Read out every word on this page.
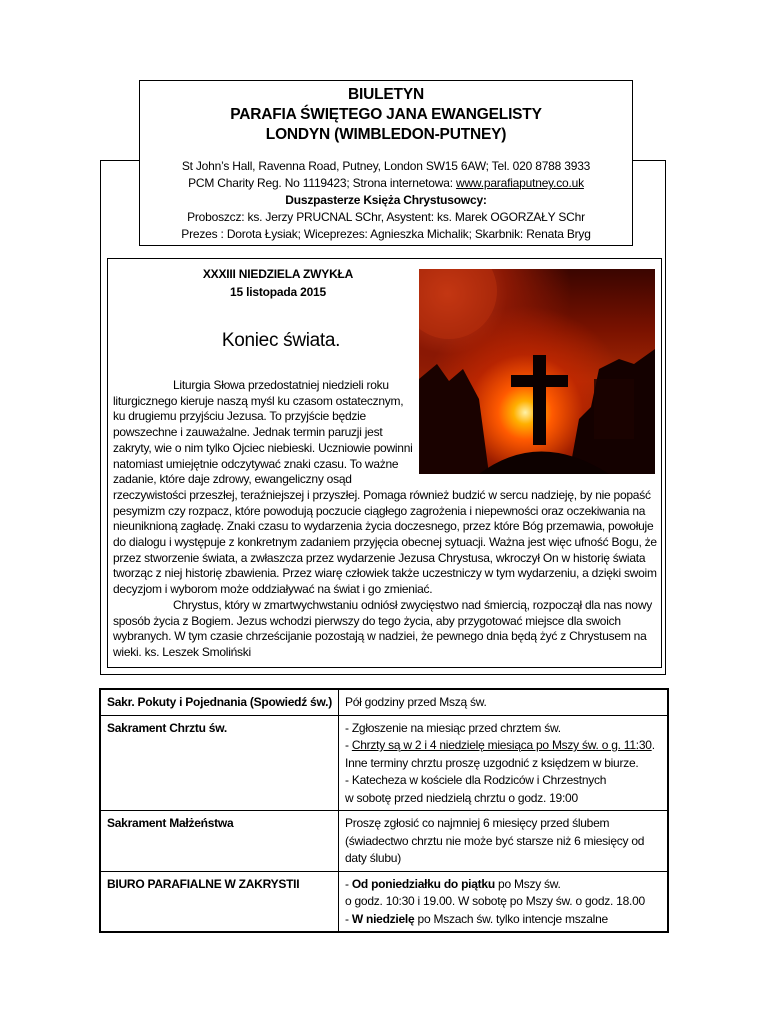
BIULETYN
PARAFIA ŚWIĘTEGO JANA EWANGELISTY
LONDYN (WIMBLEDON-PUTNEY)
St John’s Hall, Ravenna Road, Putney, London SW15 6AW; Tel. 020 8788 3933
PCM Charity Reg. No 1119423; Strona internetowa: www.parafiaputney.co.uk
Duszpasterze Księża Chrystusowcy:
Proboszcz: ks. Jerzy PRUCNAL SChr, Asystent: ks. Marek OGORZAŁY SChr
Prezes : Dorota Łysiak; Wiceprezes: Agnieszka Michalik; Skarbnik: Renata Bryg
XXXIII NIEDZIELA ZWYKŁA
15 listopada 2015
Koniec świata.

Liturgia Słowa przedostatniej niedzieli roku liturgicznego kieruje naszą myśl ku czasom ostatecznym, ku drugiemu przyjściu Jezusa. To przyjście będzie powszechne i zauważalne. Jednak termin paruzji jest zakryty, wie o nim tylko Ojciec niebieski. Uczniowie powinni natomiast umiejętnie odczytywać znaki czasu. To ważne zadanie, które daje zdrowy, ewangeliczny osąd

rzeczywistości przeszłej, teraźniejszej i przyszłej. Pomaga również budzić w sercu nadzieję, by nie popaść pesymizm czy rozpacz, które powodują poczucie ciągłego zagrożenia i niepewności oraz oczekiwania na nieuniknioną zagładę. Znaki czasu to wydarzenia życia doczesnego, przez które Bóg przemawia, powołuje do dialogu i występuje z konkretnym zadaniem przyjęcia obecnej sytuacji. Ważna jest więc ufność Bogu, że przez stworzenie świata, a zwłaszcza przez wydarzenie Jezusa Chrystusa, wkroczył On w historię świata tworząc z niej historię zbawienia. Przez wiarę człowiek także uczestniczy w tym wydarzeniu, a dzięki swoim decyzjom i wyborom może oddziaływać na świat i go zmieniać.

Chrystus, który w zmartwychwstaniu odniósł zwycięstwo nad śmiercią, rozpoczął dla nas nowy sposób życia z Bogiem. Jezus wchodzi pierwszy do tego życia, aby przygotować miejsce dla swoich wybranych. W tym czasie chrześcijanie pozostają w nadziei, że pewnego dnia będą żyć z Chrystusem na wieki. ks. Leszek Smoliński

Sakr. Pokuty i Pojednania (Spowiedź św.)	Pół godziny przed Mszą św.
Sakrament Chrztu św.	- Zgłoszenie na miesiąc przed chrztem św.
- Chrzty są w 2 i 4 niedzielę miesiąca po Mszy św. o g. 11:30.
Inne terminy chrztu proszę uzgodnić z księdzem w biurze.
- Katecheza w kościele dla Rodziców i Chrzestnych
w sobotę przed niedzielą chrztu o godz. 19:00

Sakrament Małżeństwa	Proszę zgłosić co najmniej 6 miesięcy przed ślubem
(świadectwo chrztu nie może być starsze niż 6 miesięcy od
daty ślubu)

BIURO PARAFIALNE W ZAKRYSTII	- Od poniedziałku do piątku po Mszy św.
o godz. 10:30 i 19.00. W sobotę po Mszy św. o godz. 18.00
- W niedzielę po Mszach św. tylko intencje mszalne
